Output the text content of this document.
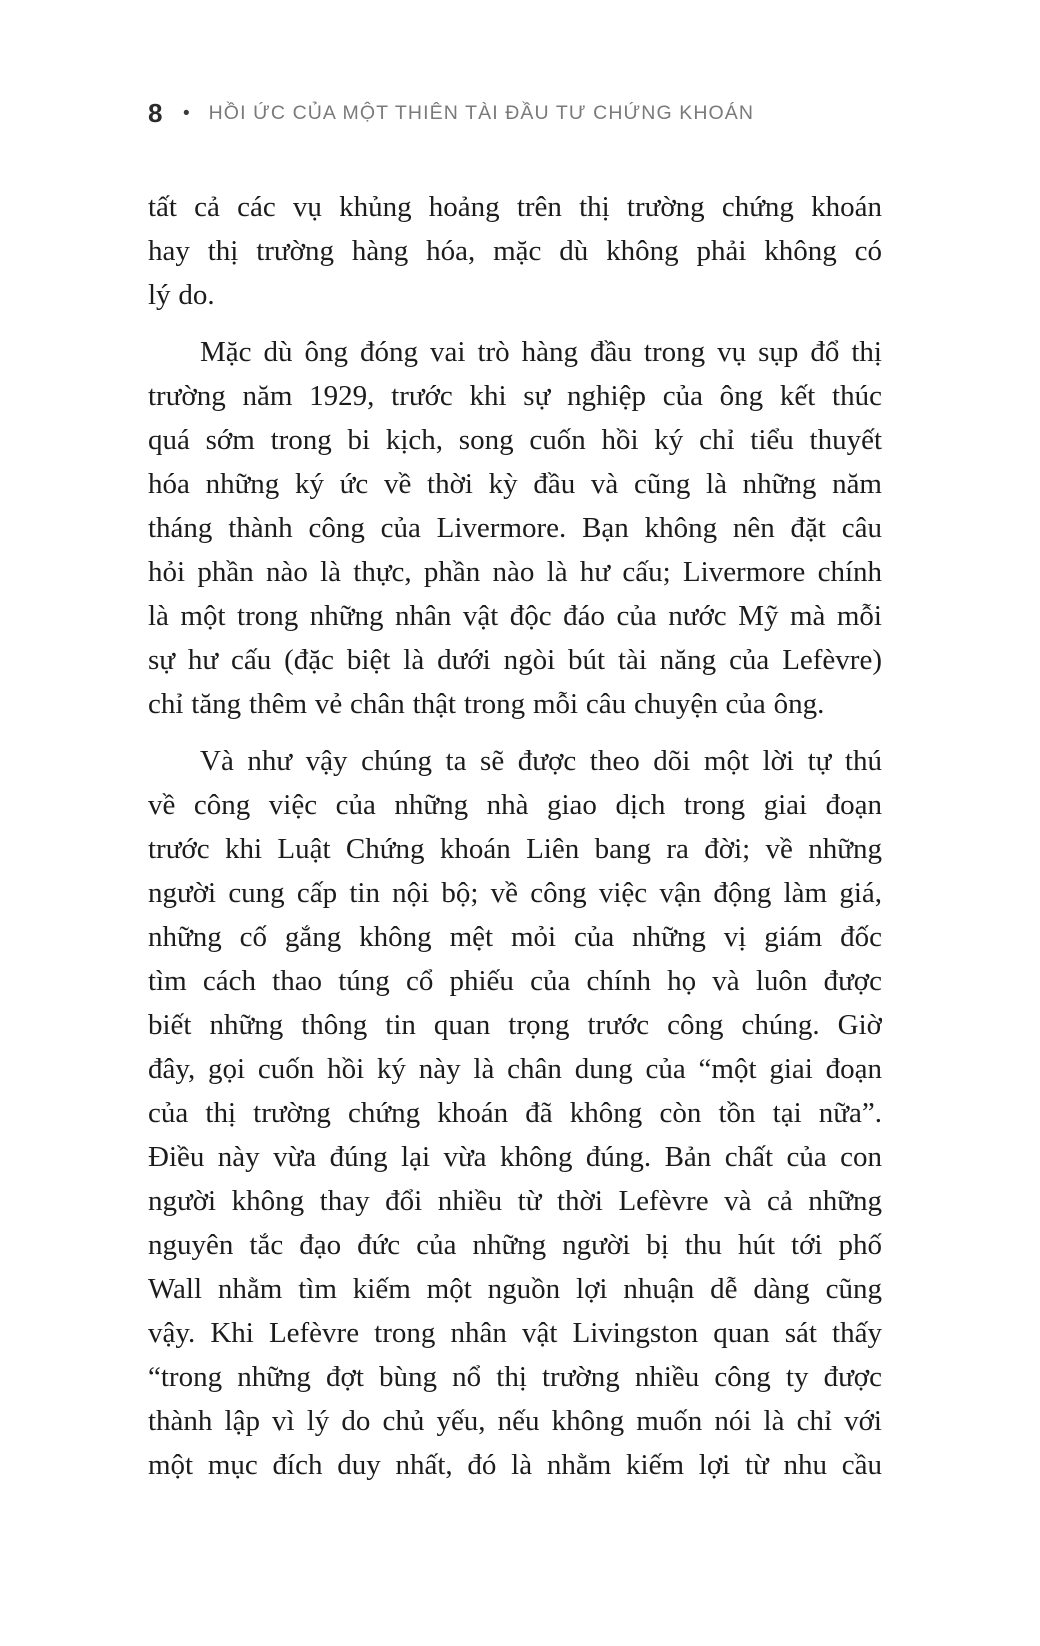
8 • HỒI ỨC CỦA MỘT THIÊN TÀI ĐẦU TƯ CHỨNG KHOÁN
tất cả các vụ khủng hoảng trên thị trường chứng khoán
hay thị trường hàng hóa, mặc dù không phải không có
lý do.
Mặc dù ông đóng vai trò hàng đầu trong vụ sụp đổ thị
trường năm 1929, trước khi sự nghiệp của ông kết thúc
quá sớm trong bi kịch, song cuốn hồi ký chỉ tiểu thuyết
hóa những ký ức về thời kỳ đầu và cũng là những năm
tháng thành công của Livermore. Bạn không nên đặt câu
hỏi phần nào là thực, phần nào là hư cấu; Livermore chính
là một trong những nhân vật độc đáo của nước Mỹ mà mỗi
sự hư cấu (đặc biệt là dưới ngòi bút tài năng của Lefèvre)
chỉ tăng thêm vẻ chân thật trong mỗi câu chuyện của ông.
Và như vậy chúng ta sẽ được theo dõi một lời tự thú
về công việc của những nhà giao dịch trong giai đoạn
trước khi Luật Chứng khoán Liên bang ra đời; về những
người cung cấp tin nội bộ; về công việc vận động làm giá,
những cố gắng không mệt mỏi của những vị giám đốc
tìm cách thao túng cổ phiếu của chính họ và luôn được
biết những thông tin quan trọng trước công chúng. Giờ
đây, gọi cuốn hồi ký này là chân dung của “một giai đoạn
của thị trường chứng khoán đã không còn tồn tại nữa”.
Điều này vừa đúng lại vừa không đúng. Bản chất của con
người không thay đổi nhiều từ thời Lefèvre và cả những
nguyên tắc đạo đức của những người bị thu hút tới phố
Wall nhằm tìm kiếm một nguồn lợi nhuận dễ dàng cũng
vậy. Khi Lefèvre trong nhân vật Livingston quan sát thấy
“trong những đợt bùng nổ thị trường nhiều công ty được
thành lập vì lý do chủ yếu, nếu không muốn nói là chỉ với
một mục đích duy nhất, đó là nhằm kiếm lợi từ nhu cầu
